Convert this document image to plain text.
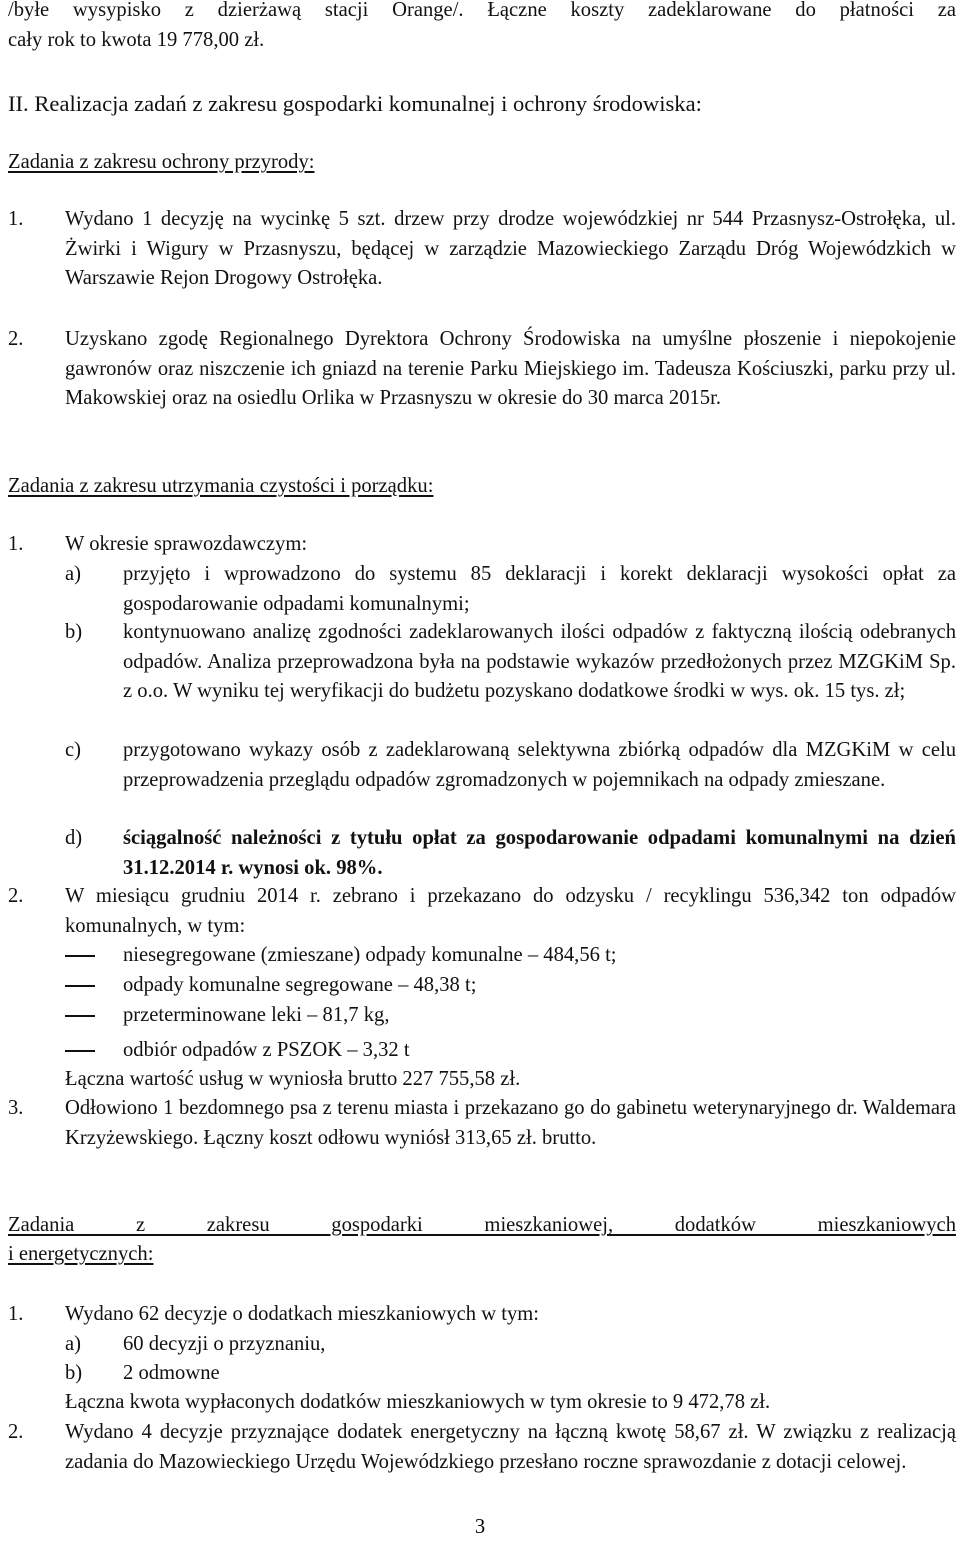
/byłe wysypisko z dzierżawą stacji Orange/. Łączne koszty zadeklarowane do płatności za

cały rok to kwota 19 778,00 zł.

II. Realizacja zadań z zakresu gospodarki komunalnej i ochrony środowiska:

Zadania z zakresu ochrony przyrody:

1. Wydano 1 decyzję na wycinkę 5 szt. drzew przy drodze wojewódzkiej nr 544 Przasnysz-Ostrołęka, ul. Żwirki i Wigury w Przasnyszu, będącej w zarządzie Mazowieckiego Zarządu Dróg Wojewódzkich w Warszawie Rejon Drogowy Ostrołęka.
2. Uzyskano zgodę Regionalnego Dyrektora Ochrony Środowiska na umyślne płoszenie i niepokojenie gawronów oraz niszczenie ich gniazd na terenie Parku Miejskiego im. Tadeusza Kościuszki, parku przy ul. Makowskiej oraz na osiedlu Orlika w Przasnyszu w okresie do 30 marca 2015r.

Zadania z zakresu utrzymania czystości i porządku:

1. W okresie sprawozdawczym:
a) przyjęto i wprowadzono do systemu 85 deklaracji i korekt deklaracji wysokości opłat za gospodarowanie odpadami komunalnymi;
b) kontynuowano analizę zgodności zadeklarowanych ilości odpadów z faktyczną ilością odebranych odpadów. Analiza przeprowadzona była na podstawie wykazów przedłożonych przez MZGKiM Sp. z o.o. W wyniku tej weryfikacji do budżetu pozyskano dodatkowe środki w wys. ok. 15 tys. zł;
c) przygotowano wykazy osób z zadeklarowaną selektywna zbiórką odpadów dla MZGKiM w celu przeprowadzenia przeglądu odpadów zgromadzonych w pojemnikach na odpady zmieszane.
d) ściągalność należności z tytułu opłat za gospodarowanie odpadami komunalnymi na dzień 31.12.2014 r. wynosi ok. 98%.
2. W miesiącu grudniu 2014 r. zebrano i przekazano do odzysku / recyklingu 536,342 ton odpadów komunalnych, w tym:
niesegregowane (zmieszane) odpady komunalne – 484,56 t;
odpady komunalne segregowane – 48,38 t;
przeterminowane leki – 81,7 kg,
odbiór odpadów z PSZOK – 3,32 t

Łączna wartość usług w wyniosła brutto 227 755,58 zł.

3. Odłowiono 1 bezdomnego psa z terenu miasta i przekazano go do gabinetu weterynaryjnego dr. Waldemara Krzyżewskiego. Łączny koszt odłowu wyniósł 313,65 zł. brutto.

Zadania z zakresu gospodarki mieszkaniowej, dodatków mieszkaniowych

i energetycznych:

1. Wydano 62 decyzje o dodatkach mieszkaniowych w tym:
a) 60 decyzji o przyznaniu,
b) 2 odmowne

Łączna kwota wypłaconych dodatków mieszkaniowych w tym okresie to 9 472,78 zł.

2. Wydano 4 decyzje przyznające dodatek energetyczny na łączną kwotę 58,67 zł. W związku z realizacją zadania do Mazowieckiego Urzędu Wojewódzkiego przesłano roczne sprawozdanie z dotacji celowej.
3
